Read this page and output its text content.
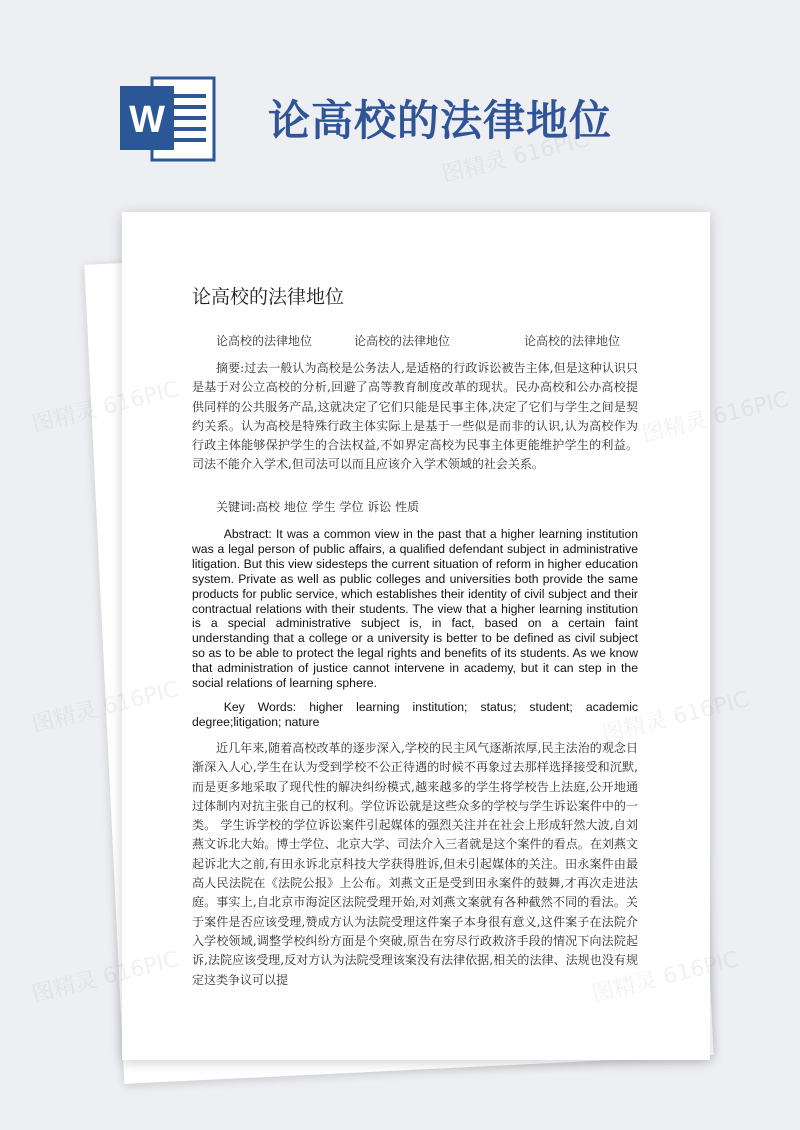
W 论高校的法律地位
论高校的法律地位
论高校的法律地位	论高校的法律地位	论高校的法律地位

摘要:过去一般认为高校是公务法人,是适格的行政诉讼被告主体,但是这种认识只是基于对公立高校的分析,回避了高等教育制度改革的现状。民办高校和公办高校提供同样的公共服务产品,这就决定了它们只能是民事主体,决定了它们与学生之间是契约关系。认为高校是特殊行政主体实际上是基于一些似是而非的认识,认为高校作为行政主体能够保护学生的合法权益,不如界定高校为民事主体更能维护学生的利益。司法不能介入学术,但司法可以而且应该介入学术领域的社会关系。

关键词:高校 地位 学生 学位 诉讼 性质

Abstract: It was a common view in the past that a higher learning institution was a legal person of public affairs, a qualified defendant subject in administrative litigation. But this view sidesteps the current situation of reform in higher education system. Private as well as public colleges and universities both provide the same products for public service, which establishes their identity of civil subject and their contractual relations with their students. The view that a higher learning institution is a special administrative subject is, in fact, based on a certain faint understanding that a college or a university is better to be defined as civil subject so as to be able to protect the legal rights and benefits of its students. As we know that administration of justice cannot intervene in academy, but it can step in the social relations of learning sphere.

Key Words: higher learning institution; status; student; academic degree;litigation; nature

近几年来,随着高校改革的逐步深入,学校的民主风气逐渐浓厚,民主法治的观念日渐深入人心,学生在认为受到学校不公正待遇的时候不再象过去那样选择接受和沉默,而是更多地采取了现代性的解决纠纷模式,越来越多的学生将学校告上法庭,公开地通过体制内对抗主张自己的权利。学位诉讼就是这些众多的学校与学生诉讼案件中的一类。 学生诉学校的学位诉讼案件引起媒体的强烈关注并在社会上形成轩然大波,自刘燕文诉北大始。博士学位、北京大学、司法介入三者就是这个案件的看点。在刘燕文起诉北大之前,有田永诉北京科技大学获得胜诉,但未引起媒体的关注。田永案件由最高人民法院在《法院公报》上公布。刘燕文正是受到田永案件的鼓舞,才再次走进法庭。事实上,自北京市海淀区法院受理开始,对刘燕文案就有各种截然不同的看法。关于案件是否应该受理,赞成方认为法院受理这件案子本身很有意义,这件案子在法院介入学校领域,调整学校纠纷方面是个突破,原告在穷尽行政救济手段的情况下向法院起诉,法院应该受理,反对方认为法院受理该案没有法律依据,相关的法律、法规也没有规定这类争议可以提

图精灵 616PIC
图精灵	图精灵 616PIC
图精灵	616PIC
图精灵 616PIC
